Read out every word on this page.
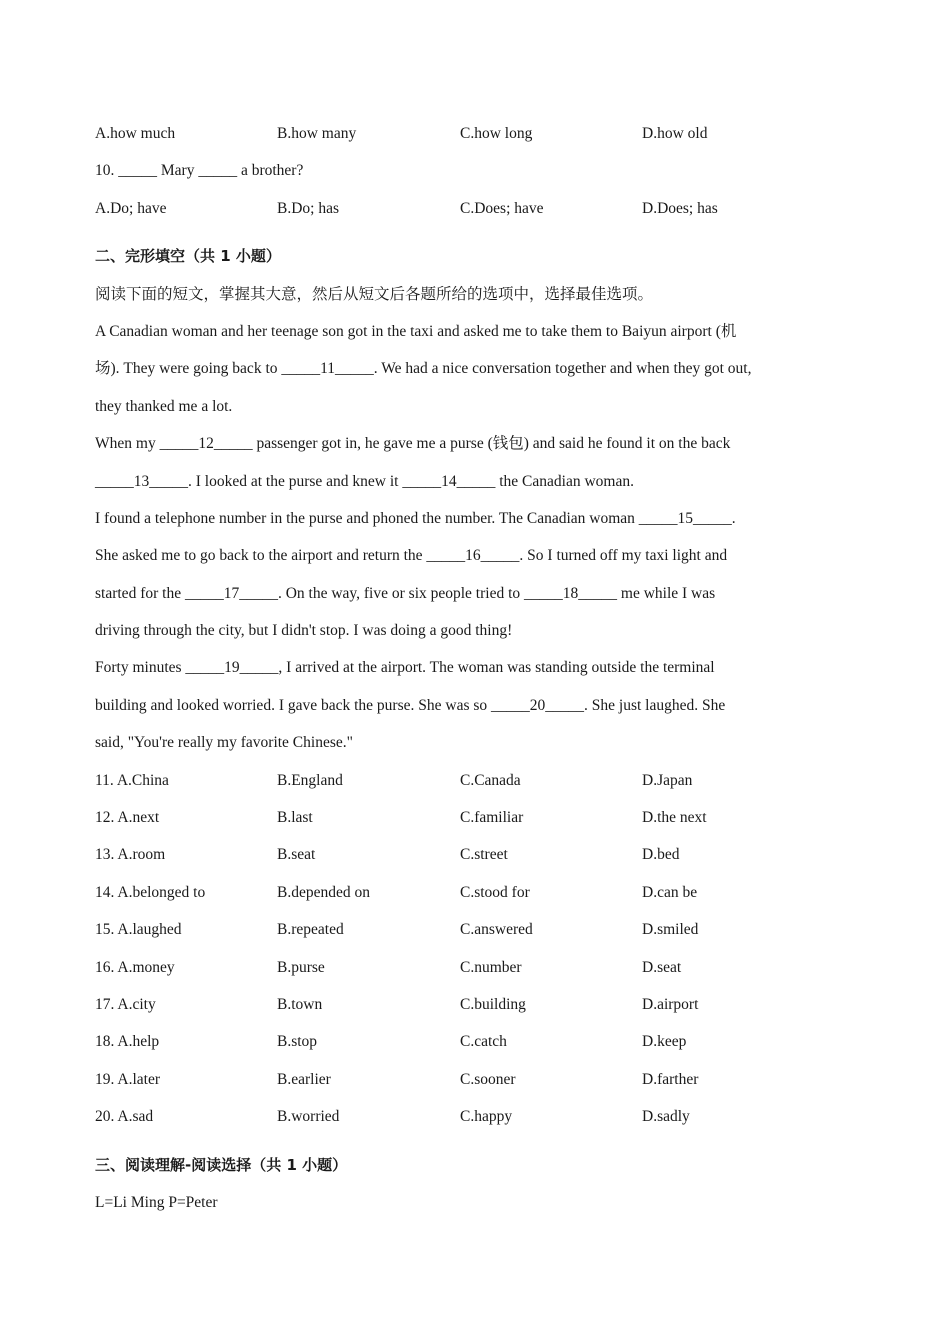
A.how much	B.how many	C.how long	D.how old
10. _____ Mary _____ a brother?
A.Do; have	B.Do; has	C.Does; have	D.Does; has
二、完形填空（共 1 小题）
阅读下面的短文，掌握其大意，然后从短文后各题所给的选项中，选择最佳选项。
A Canadian woman and her teenage son got in the taxi and asked me to take them to Baiyun airport (机
场). They were going back to _____11_____. We had a nice conversation together and when they got out,
they thanked me a lot.
When my _____12_____ passenger got in, he gave me a purse (钱包) and said he found it on the back
_____13_____. I looked at the purse and knew it _____14_____ the Canadian woman.
I found a telephone number in the purse and phoned the number. The Canadian woman _____15_____.
She asked me to go back to the airport and return the _____16_____. So I turned off my taxi light and
started for the _____17_____. On the way, five or six people tried to _____18_____ me while I was
driving through the city, but I didn't stop. I was doing a good thing!
Forty minutes _____19_____, I arrived at the airport. The woman was standing outside the terminal
building and looked worried. I gave back the purse. She was so _____20_____. She just laughed. She
said, "You're really my favorite Chinese."
11. A.China	B.England	C.Canada	D.Japan
12. A.next	B.last	C.familiar	D.the next
13. A.room	B.seat	C.street	D.bed
14. A.belonged to	B.depended on	C.stood for	D.can be
15. A.laughed	B.repeated	C.answered	D.smiled
16. A.money	B.purse	C.number	D.seat
17. A.city	B.town	C.building	D.airport
18. A.help	B.stop	C.catch	D.keep
19. A.later	B.earlier	C.sooner	D.farther
20. A.sad	B.worried	C.happy	D.sadly
三、阅读理解-阅读选择（共 1 小题）
L=Li Ming P=Peter
